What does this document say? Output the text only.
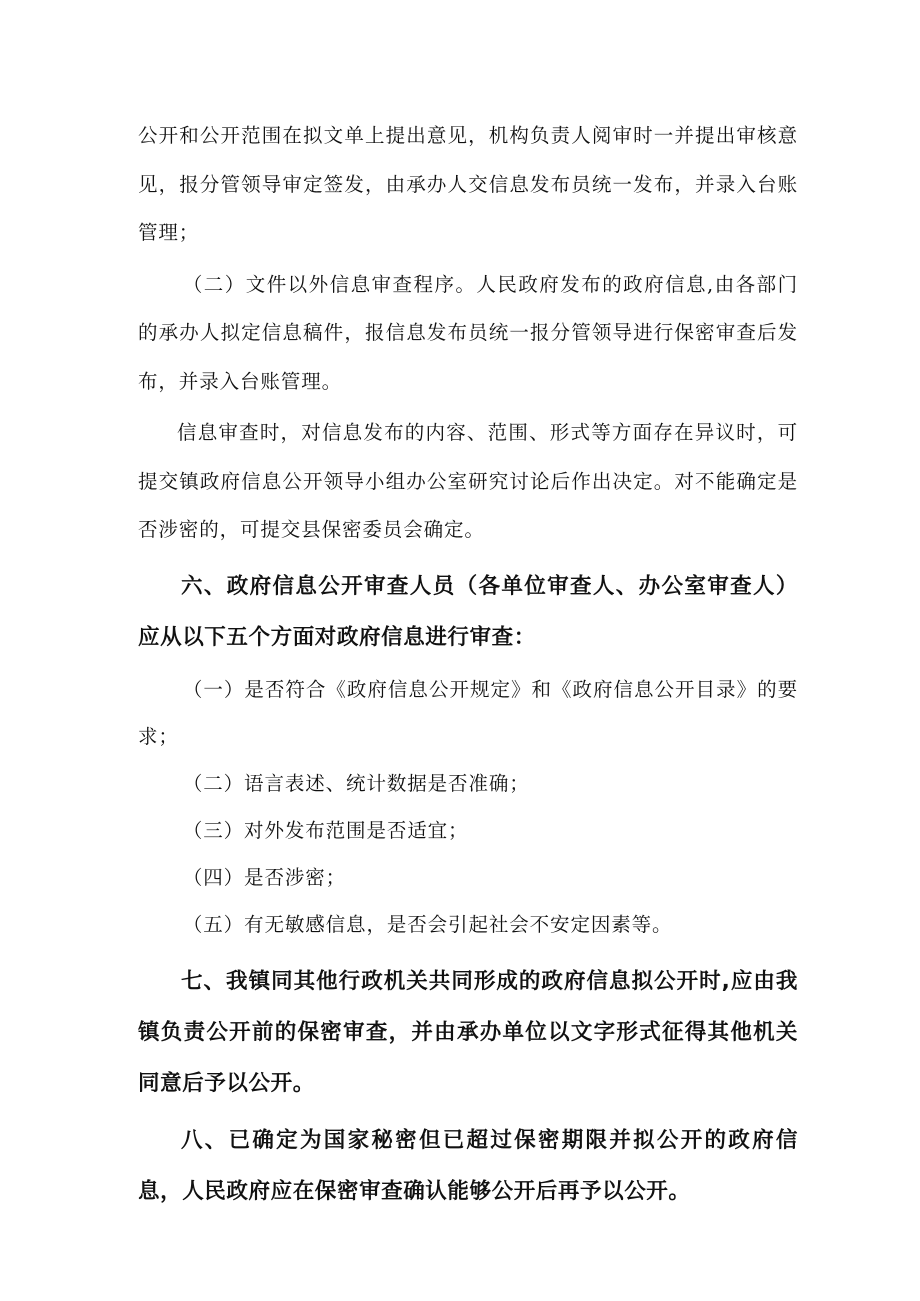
公开和公开范围在拟文单上提出意见，机构负责人阅审时一并提出审核意见，报分管领导审定签发，由承办人交信息发布员统一发布，并录入台账管理；

（二）文件以外信息审查程序。人民政府发布的政府信息,由各部门的承办人拟定信息稿件，报信息发布员统一报分管领导进行保密审查后发布，并录入台账管理。

信息审查时，对信息发布的内容、范围、形式等方面存在异议时，可提交镇政府信息公开领导小组办公室研究讨论后作出决定。对不能确定是否涉密的，可提交县保密委员会确定。

六、政府信息公开审查人员（各单位审查人、办公室审查人）应从以下五个方面对政府信息进行审查：

（一）是否符合《政府信息公开规定》和《政府信息公开目录》的要求；

（二）语言表述、统计数据是否准确；

（三）对外发布范围是否适宜；

（四）是否涉密；

（五）有无敏感信息，是否会引起社会不安定因素等。

七、我镇同其他行政机关共同形成的政府信息拟公开时,应由我镇负责公开前的保密审查，并由承办单位以文字形式征得其他机关同意后予以公开。

八、已确定为国家秘密但已超过保密期限并拟公开的政府信息，人民政府应在保密审查确认能够公开后再予以公开。
